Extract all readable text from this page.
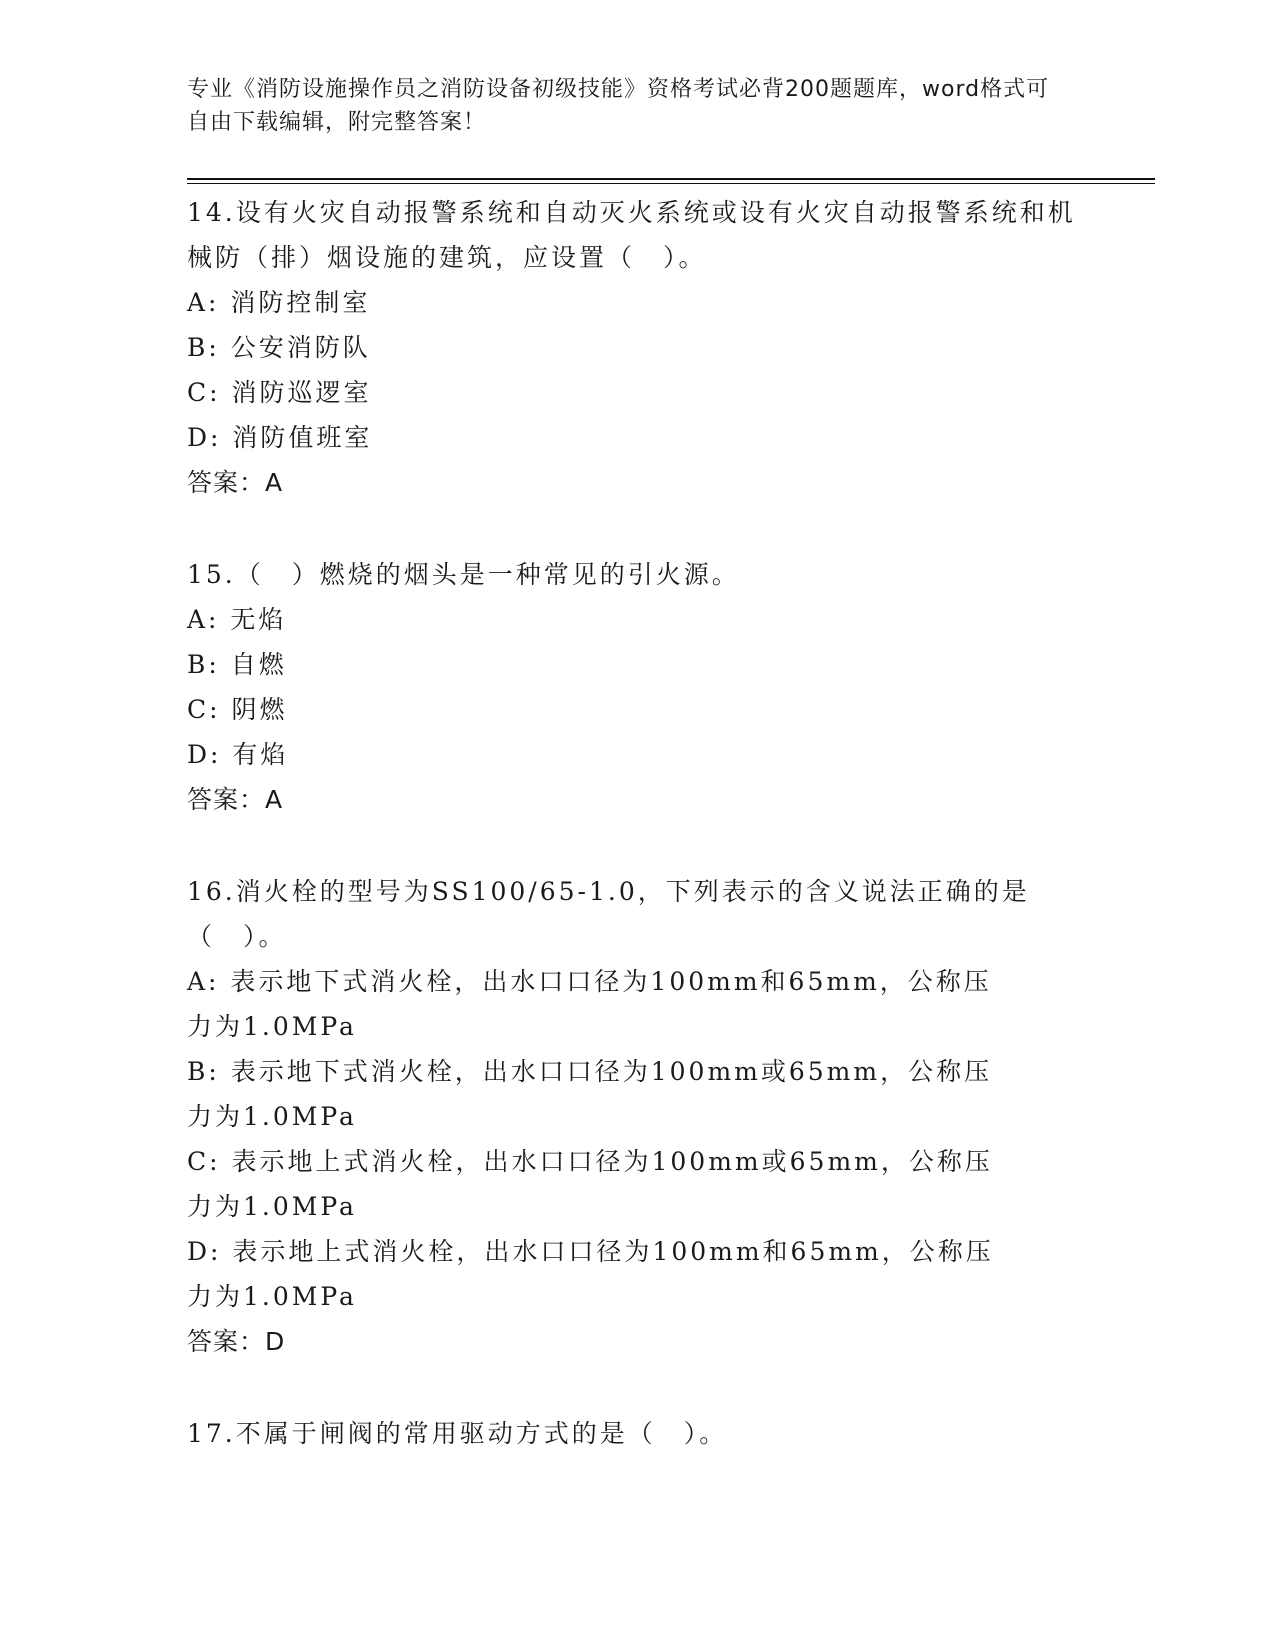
专业《消防设施操作员之消防设备初级技能》资格考试必背200题题库，word格式可自由下载编辑，附完整答案！

14.设有火灾自动报警系统和自动灭火系统或设有火灾自动报警系统和机械防（排）烟设施的建筑，应设置（　）。

A: 消防控制室

B: 公安消防队

C: 消防巡逻室

D: 消防值班室

答案：A

15.（　）燃烧的烟头是一种常见的引火源。

A: 无焰

B: 自燃

C: 阴燃

D: 有焰

答案：A

16.消火栓的型号为SS100/65-1.0，下列表示的含义说法正确的是（　）。

A: 表示地下式消火栓，出水口口径为100mm和65mm，公称压力为1.0MPa

B: 表示地下式消火栓，出水口口径为100mm或65mm，公称压力为1.0MPa

C: 表示地上式消火栓，出水口口径为100mm或65mm，公称压力为1.0MPa

D: 表示地上式消火栓，出水口口径为100mm和65mm，公称压力为1.0MPa

答案：D

17.不属于闸阀的常用驱动方式的是（　）。
